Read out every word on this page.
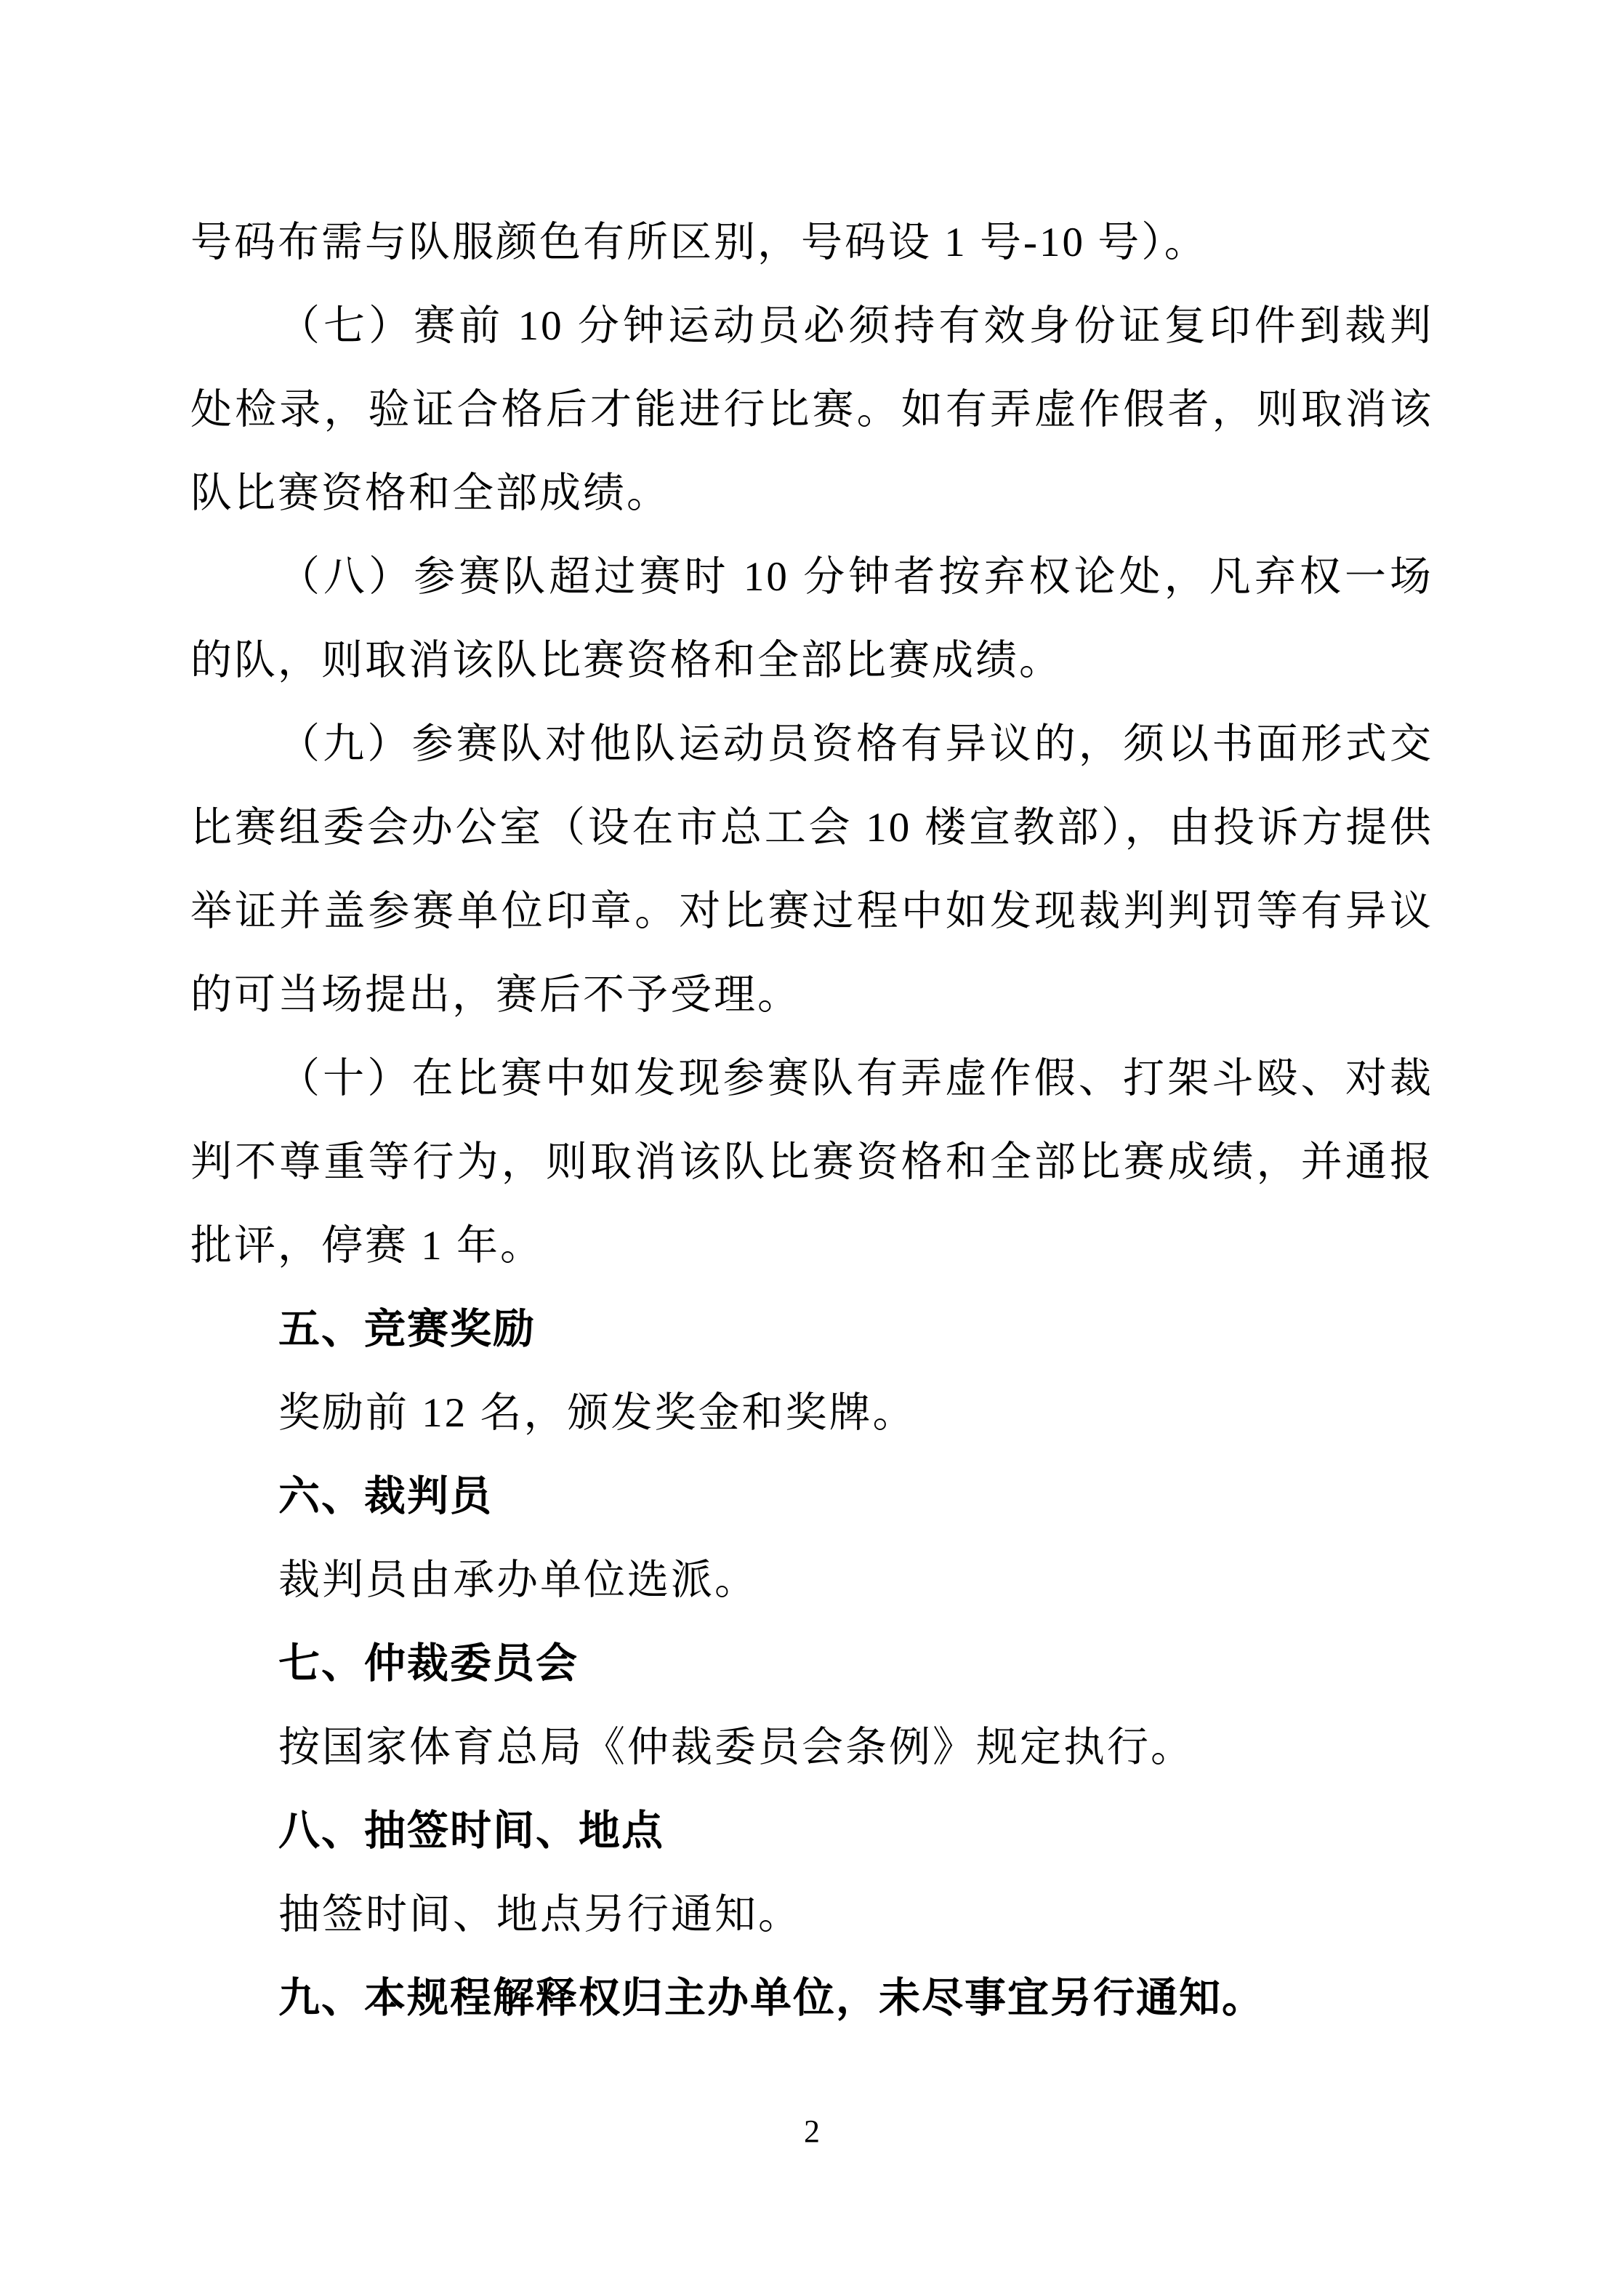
号码布需与队服颜色有所区别，号码设 1 号-10 号）。
（七）赛前 10 分钟运动员必须持有效身份证复印件到裁判处检录，验证合格后才能进行比赛。如有弄虚作假者，则取消该队比赛资格和全部成绩。
（八）参赛队超过赛时 10 分钟者按弃权论处，凡弃权一场的队，则取消该队比赛资格和全部比赛成绩。
（九）参赛队对他队运动员资格有异议的，须以书面形式交比赛组委会办公室（设在市总工会 10 楼宣教部），由投诉方提供举证并盖参赛单位印章。对比赛过程中如发现裁判判罚等有异议的可当场提出，赛后不予受理。
（十）在比赛中如发现参赛队有弄虚作假、打架斗殴、对裁判不尊重等行为，则取消该队比赛资格和全部比赛成绩，并通报批评，停赛 1 年。
五、竞赛奖励
奖励前 12 名，颁发奖金和奖牌。
六、裁判员
裁判员由承办单位选派。
七、仲裁委员会
按国家体育总局《仲裁委员会条例》规定执行。
八、抽签时间、地点
抽签时间、地点另行通知。
九、本规程解释权归主办单位，未尽事宜另行通知。
2
